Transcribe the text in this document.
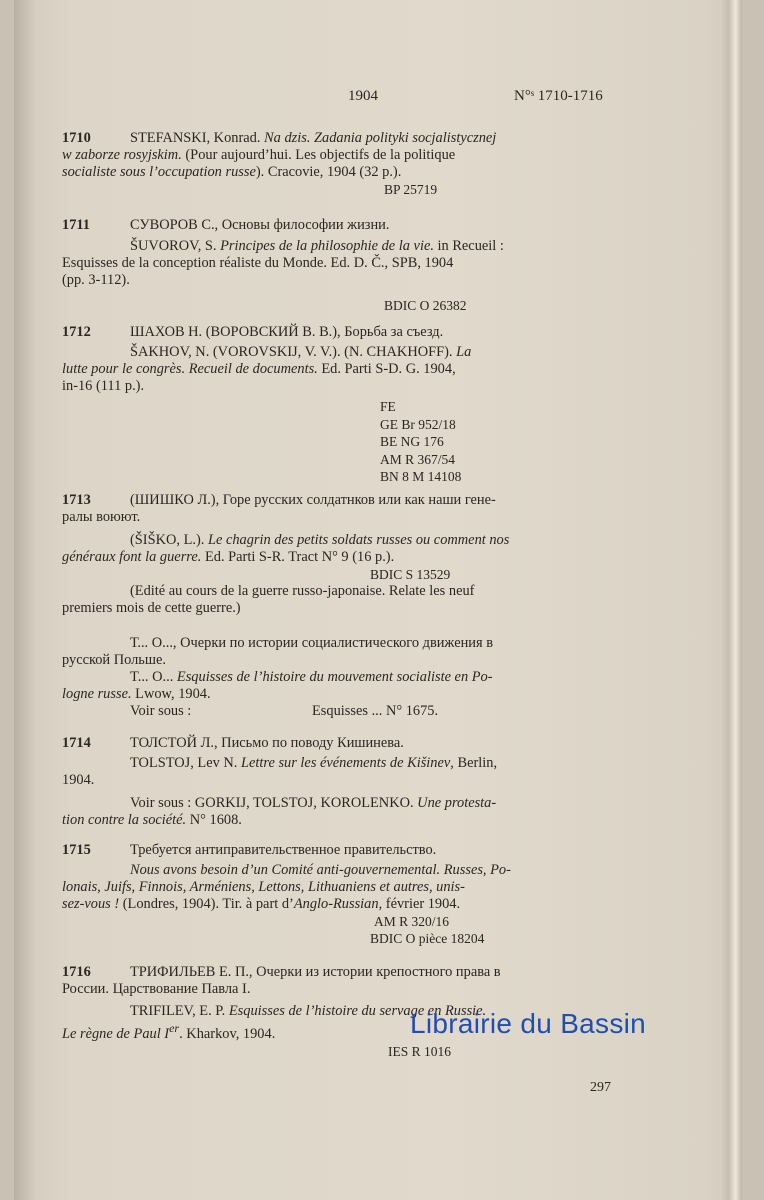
1904	N°ˢ 1710-1716
1710	STEFANSKI, Konrad. Na dzis. Zadania polityki socjalistycznej
w zaborze rosyjskim. (Pour aujourd’hui. Les objectifs de la politique
socialiste sous l’occupation russe). Cracovie, 1904 (32 p.).
BP 25719
1711	СУВОРОВ С., Основы философии жизни.
ŠUVOROV, S. Principes de la philosophie de la vie. in Recueil :
Esquisses de la conception réaliste du Monde. Ed. D. Č., SPB, 1904
(pp. 3-112).
BDIC O 26382
1712	ШАХОВ Н. (ВОРОВСКИЙ В. В.), Борьба за съезд.
ŠAKHOV, N. (VOROVSKIJ, V. V.). (N. CHAKHOFF). La
lutte pour le congrès. Recueil de documents. Ed. Parti S-D. G. 1904,
in-16 (111 p.).
FE
GE Br 952/18
BE NG 176
AM R 367/54
BN 8 M 14108
1713	(ШИШКО Л.), Горе русских солдатнков или как наши гене-
ралы воюют.
(ŠIŠKO, L.). Le chagrin des petits soldats russes ou comment nos
généraux font la guerre. Ed. Parti S-R. Tract N° 9 (16 p.).
BDIC S 13529
(Edité au cours de la guerre russo-japonaise. Relate les neuf
premiers mois de cette guerre.)
Т... О..., Очерки по истории социалистического движения в
русской Польше.
T... O... Esquisses de l’histoire du mouvement socialiste en Po-
logne russe. Lwow, 1904.
Voir sous :	Esquisses ... N° 1675.
1714	ТОЛСТОЙ Л., Письмо по поводу Кишинева.
TOLSTOJ, Lev N. Lettre sur les événements de Kišinev, Berlin,
1904.
Voir sous : GORKIJ, TOLSTOJ, KOROLENKO. Une protesta-
tion contre la société. N° 1608.
1715	Требуется антиправительственное правительство.
Nous avons besoin d’un Comité anti-gouvernemental. Russes, Po-
lonais, Juifs, Finnois, Arméniens, Lettons, Lithuaniens et autres, unis-
sez-vous ! (Londres, 1904). Tir. à part d’Anglo-Russian, février 1904.
AM R 320/16
BDIC O pièce 18204
1716	ТРИФИЛЬЕВ Е. П., Очерки из истории крепостного права в
России. Царствование Павла I.
TRIFILEV, E. P. Esquisses de l’histoire du servage en Russie.
Le règne de Paul Ier. Kharkov, 1904.
IES R 1016
297
Librairie du Bassin
